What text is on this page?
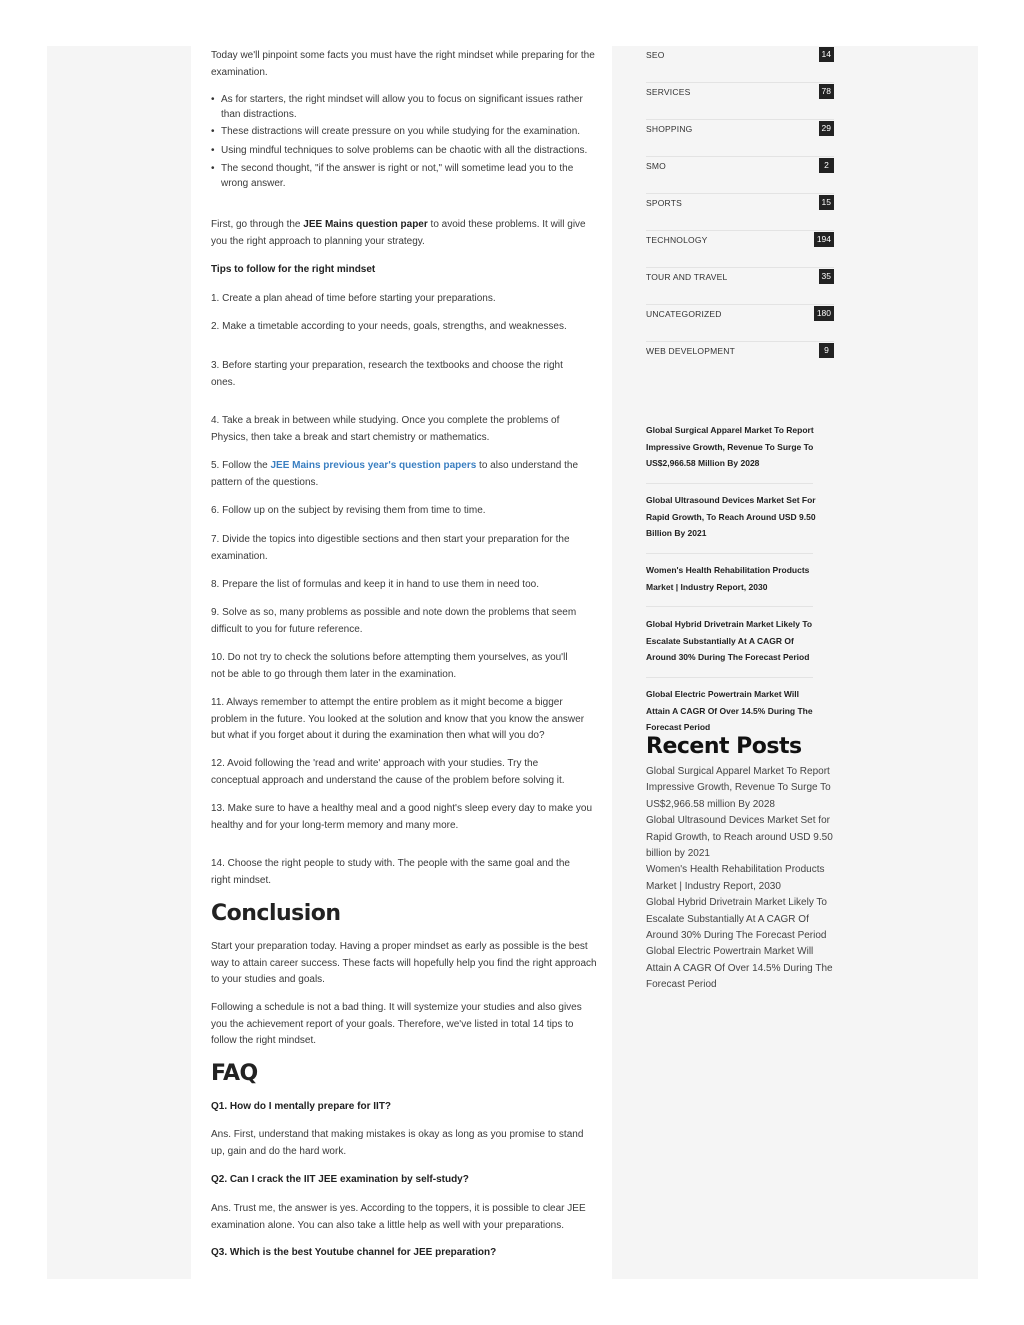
Today we'll pinpoint some facts you must have the right mindset while preparing for the examination.

• As for starters, the right mindset will allow you to focus on significant issues rather than distractions.
• These distractions will create pressure on you while studying for the examination.
• Using mindful techniques to solve problems can be chaotic with all the distractions.
• The second thought, "if the answer is right or not," will sometime lead you to the wrong answer.

First, go through the JEE Mains question paper to avoid these problems. It will give you the right approach to planning your strategy.

Tips to follow for the right mindset

1. Create a plan ahead of time before starting your preparations.

2. Make a timetable according to your needs, goals, strengths, and weaknesses.

3. Before starting your preparation, research the textbooks and choose the right ones.

4. Take a break in between while studying. Once you complete the problems of Physics, then take a break and start chemistry or mathematics.

5. Follow the JEE Mains previous year's question papers to also understand the pattern of the questions.

6. Follow up on the subject by revising them from time to time.

7. Divide the topics into digestible sections and then start your preparation for the examination.

8. Prepare the list of formulas and keep it in hand to use them in need too.

9. Solve as so, many problems as possible and note down the problems that seem difficult to you for future reference.

10. Do not try to check the solutions before attempting them yourselves, as you'll not be able to go through them later in the examination.

11. Always remember to attempt the entire problem as it might become a bigger problem in the future. You looked at the solution and know that you know the answer but what if you forget about it during the examination then what will you do?

12. Avoid following the 'read and write' approach with your studies. Try the conceptual approach and understand the cause of the problem before solving it.

13. Make sure to have a healthy meal and a good night's sleep every day to make you healthy and for your long-term memory and many more.

14. Choose the right people to study with. The people with the same goal and the right mindset.

Conclusion

Start your preparation today. Having a proper mindset as early as possible is the best way to attain career success. These facts will hopefully help you find the right approach to your studies and goals.

Following a schedule is not a bad thing. It will systemize your studies and also gives you the achievement report of your goals. Therefore, we've listed in total 14 tips to follow the right mindset.

FAQ

Q1. How do I mentally prepare for IIT?

Ans. First, understand that making mistakes is okay as long as you promise to stand up, gain and do the hard work.

Q2. Can I crack the IIT JEE examination by self-study?

Ans. Trust me, the answer is yes. According to the toppers, it is possible to clear JEE examination alone. You can also take a little help as well with your preparations.

Q3. Which is the best Youtube channel for JEE preparation?

SEO	14
SERVICES	78
SHOPPING	29
SMO	2
SPORTS	15
TECHNOLOGY	194
TOUR AND TRAVEL	35
UNCATEGORIZED	180
WEB DEVELOPMENT	9
Global Surgical Apparel Market To Report Impressive Growth, Revenue To Surge To US$2,966.58 Million By 2028
Global Ultrasound Devices Market Set For Rapid Growth, To Reach Around USD 9.50 Billion By 2021
Women's Health Rehabilitation Products Market | Industry Report, 2030
Global Hybrid Drivetrain Market Likely To Escalate Substantially At A CAGR Of Around 30% During The Forecast Period
Global Electric Powertrain Market Will Attain A CAGR Of Over 14.5% During The Forecast Period
Recent Posts
Global Surgical Apparel Market To Report Impressive Growth, Revenue To Surge To US$2,966.58 million By 2028
Global Ultrasound Devices Market Set for Rapid Growth, to Reach around USD 9.50 billion by 2021
Women's Health Rehabilitation Products Market | Industry Report, 2030
Global Hybrid Drivetrain Market Likely To Escalate Substantially At A CAGR Of Around 30% During The Forecast Period
Global Electric Powertrain Market Will Attain A CAGR Of Over 14.5% During The Forecast Period
